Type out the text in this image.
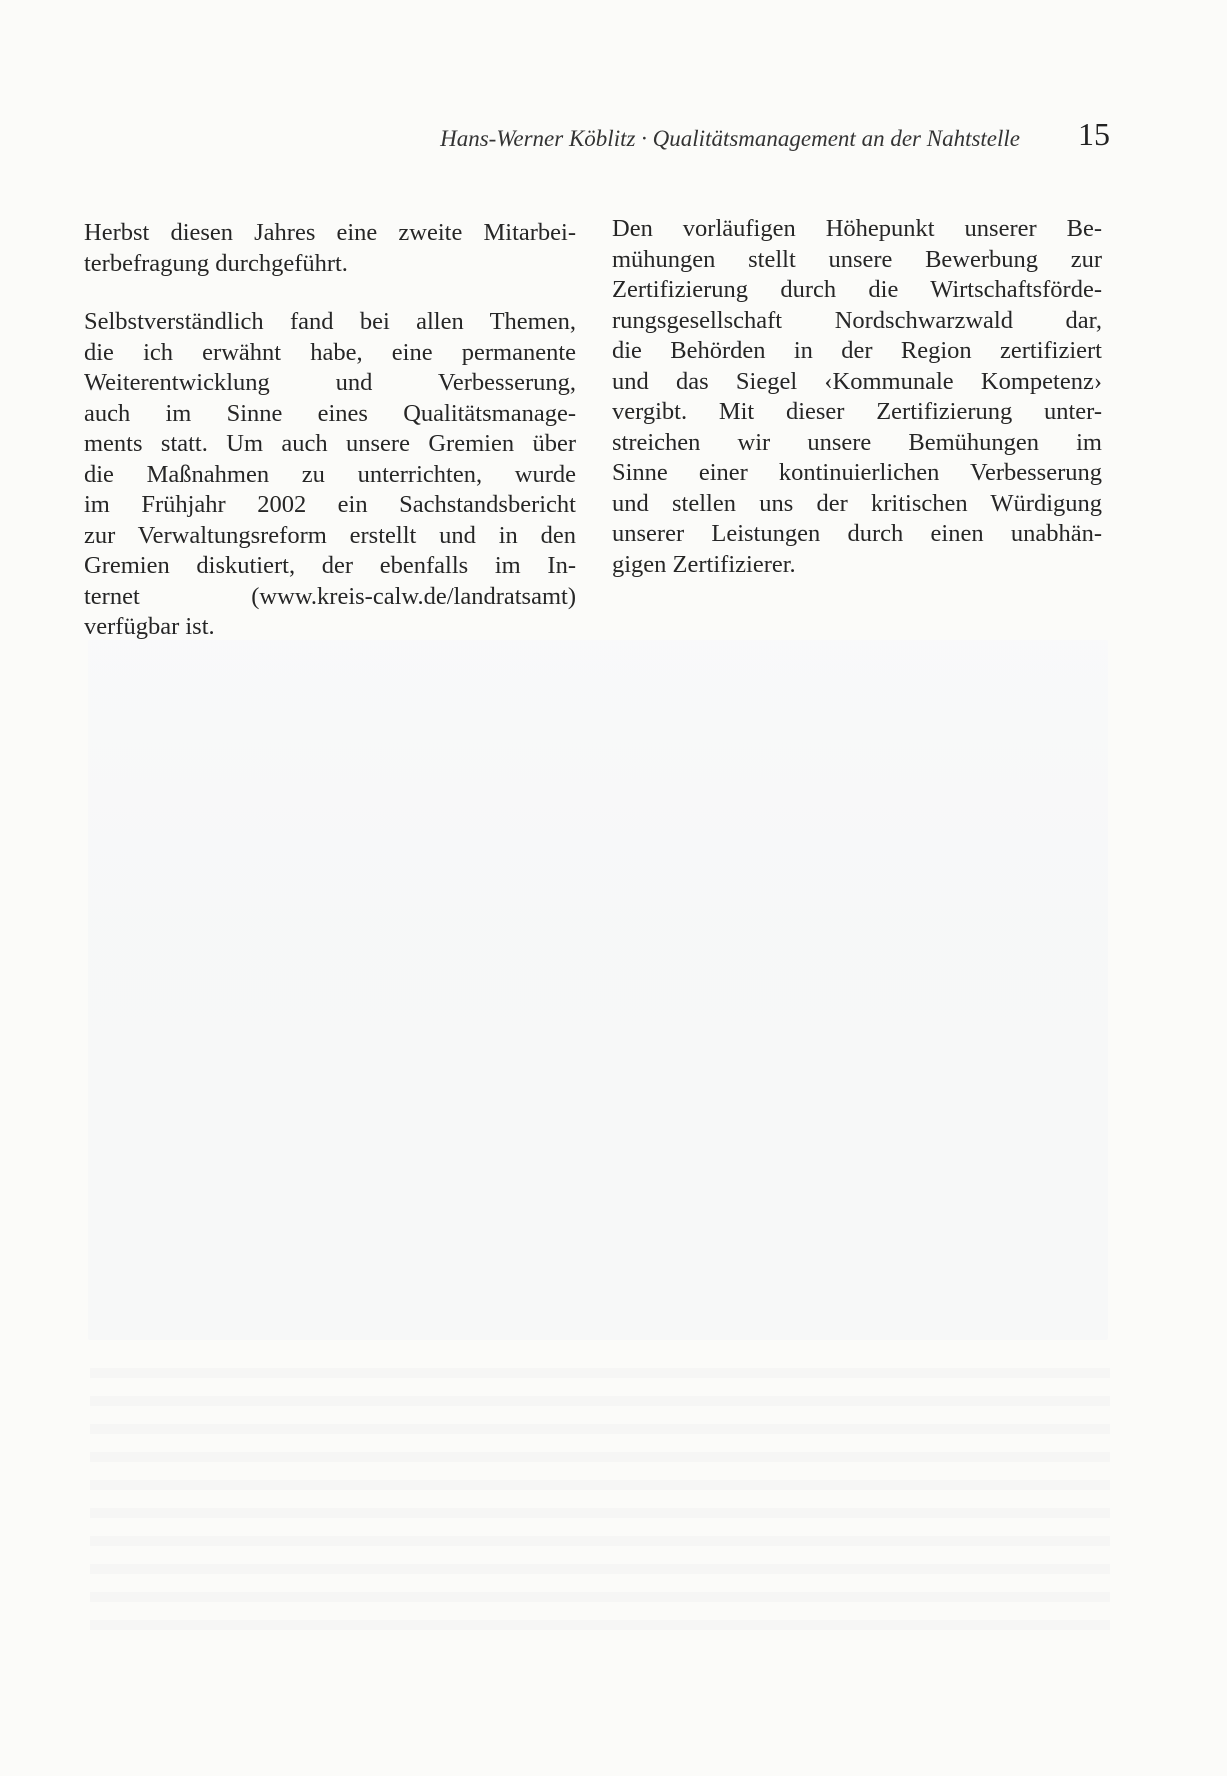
Hans-Werner Köblitz · Qualitätsmanagement an der Nahtstelle 15

Herbst diesen Jahres eine zweite Mitarbei-
terbefragung durchgeführt.

Selbstverständlich fand bei allen Themen,
die ich erwähnt habe, eine permanente
Weiterentwicklung und Verbesserung,
auch im Sinne eines Qualitätsmanage-
ments statt. Um auch unsere Gremien über
die Maßnahmen zu unterrichten, wurde
im Frühjahr 2002 ein Sachstandsbericht
zur Verwaltungsreform erstellt und in den
Gremien diskutiert, der ebenfalls im In-
ternet (www.kreis-calw.de/landratsamt)
verfügbar ist.

Den vorläufigen Höhepunkt unserer Be-
mühungen stellt unsere Bewerbung zur
Zertifizierung durch die Wirtschaftsförde-
rungsgesellschaft Nordschwarzwald dar,
die Behörden in der Region zertifiziert
und das Siegel ‹Kommunale Kompetenz›
vergibt. Mit dieser Zertifizierung unter-
streichen wir unsere Bemühungen im
Sinne einer kontinuierlichen Verbesserung
und stellen uns der kritischen Würdigung
unserer Leistungen durch einen unabhän-
gigen Zertifizierer.
